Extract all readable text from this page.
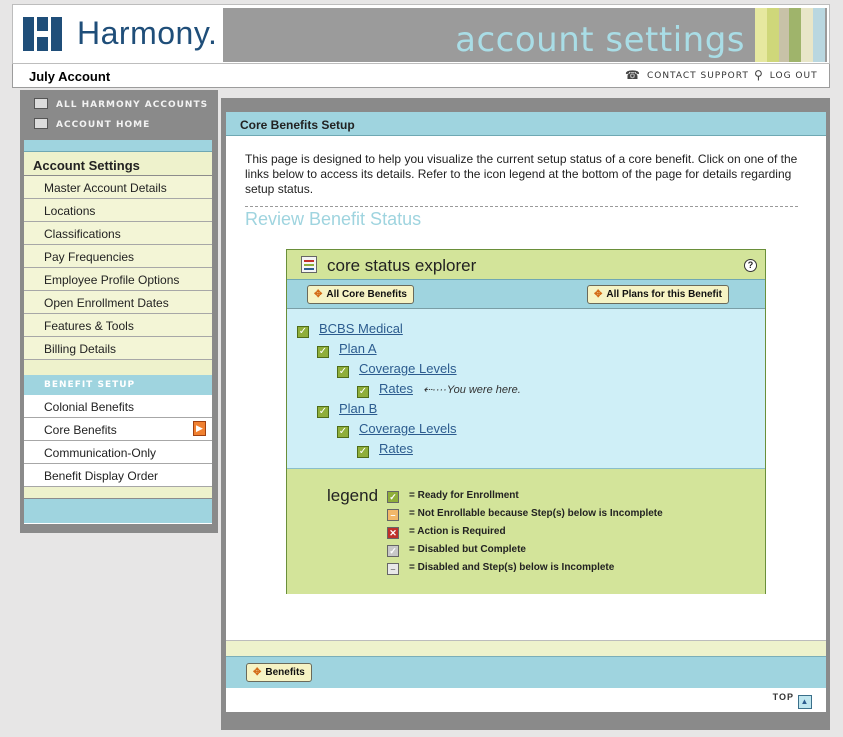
Harmony.	account settings
July Account	☎ CONTACT SUPPORT ⚲ LOG OUT
ALL HARMONY ACCOUNTS
ACCOUNT HOME
Account Settings
Master Account Details
Locations
Classifications
Pay Frequencies
Employee Profile Options
Open Enrollment Dates
Features & Tools
Billing Details
BENEFIT SETUP
Colonial Benefits
Core Benefits	▶
Communication-Only
Benefit Display Order
Core Benefits Setup
This page is designed to help you visualize the current setup status of a core benefit. Click on one of the links below to access its details. Refer to the icon legend at the bottom of the page for details regarding setup status.
Review Benefit Status
core status explorer	?
✥ All Core Benefits	✥ All Plans for this Benefit
✓ BCBS Medical
✓ Plan A
✓ Coverage Levels
✓ Rates ⇠····You were here.
✓ Plan B
✓ Coverage Levels
✓ Rates
legend ✓ = Ready for Enrollment
– = Not Enrollable because Step(s) below is Incomplete
✕ = Action is Required
✓ = Disabled but Complete
– = Disabled and Step(s) below is Incomplete
✥ Benefits
TOP ▲
